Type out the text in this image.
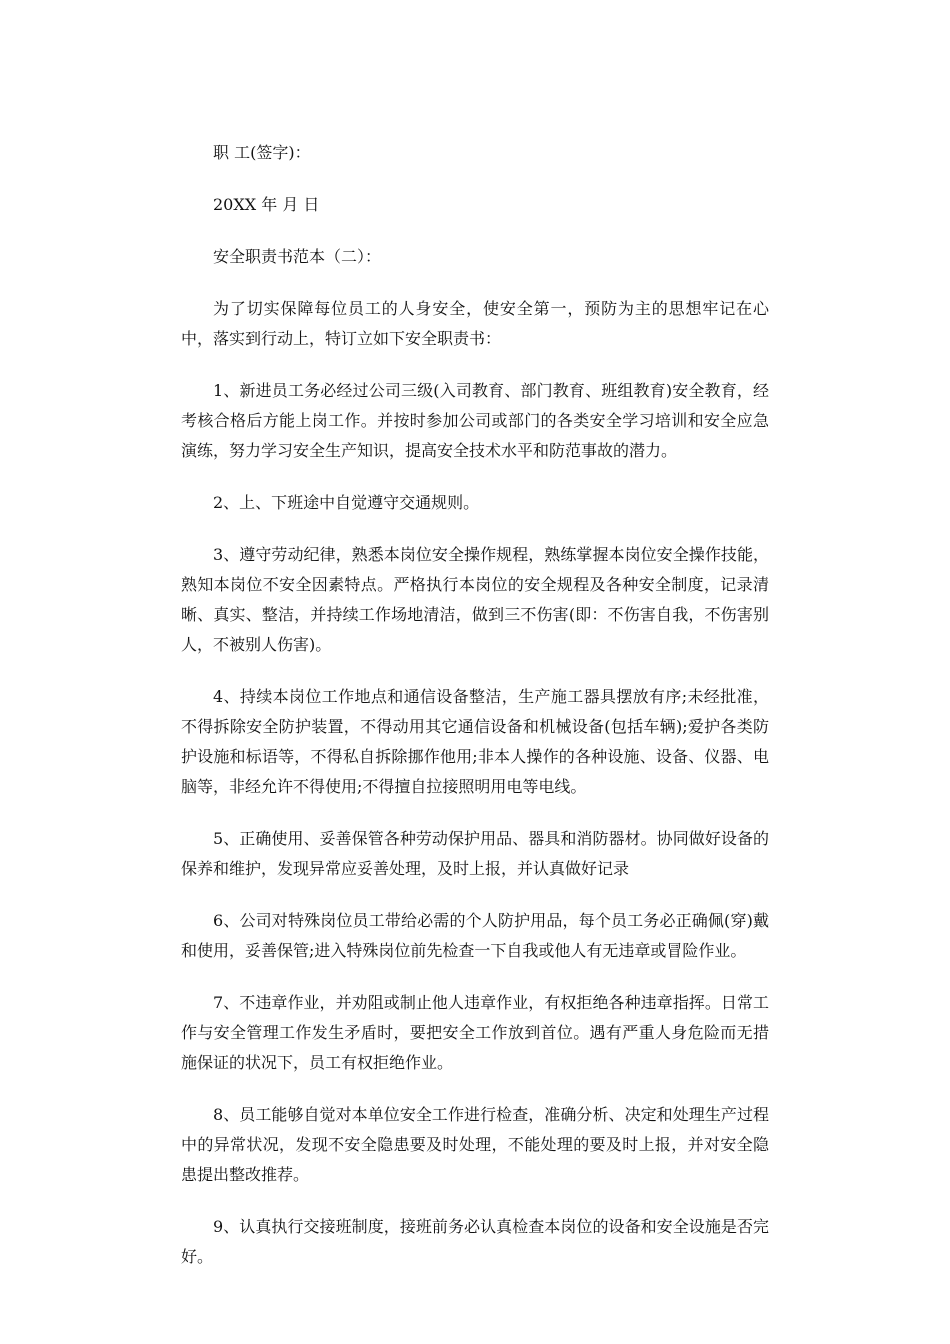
职 工(签字)：

20XX 年 月 日

安全职责书范本（二）：

为了切实保障每位员工的人身安全，使安全第一，预防为主的思想牢记在心中，落实到行动上，特订立如下安全职责书：

1、新进员工务必经过公司三级(入司教育、部门教育、班组教育)安全教育，经考核合格后方能上岗工作。并按时参加公司或部门的各类安全学习培训和安全应急演练，努力学习安全生产知识，提高安全技术水平和防范事故的潜力。

2、上、下班途中自觉遵守交通规则。

3、遵守劳动纪律，熟悉本岗位安全操作规程，熟练掌握本岗位安全操作技能，熟知本岗位不安全因素特点。严格执行本岗位的安全规程及各种安全制度，记录清晰、真实、整洁，并持续工作场地清洁，做到三不伤害(即：不伤害自我，不伤害别人，不被别人伤害)。

4、持续本岗位工作地点和通信设备整洁，生产施工器具摆放有序;未经批准，不得拆除安全防护装置，不得动用其它通信设备和机械设备(包括车辆);爱护各类防护设施和标语等，不得私自拆除挪作他用;非本人操作的各种设施、设备、仪器、电脑等，非经允许不得使用;不得擅自拉接照明用电等电线。

5、正确使用、妥善保管各种劳动保护用品、器具和消防器材。协同做好设备的保养和维护，发现异常应妥善处理，及时上报，并认真做好记录

6、公司对特殊岗位员工带给必需的个人防护用品，每个员工务必正确佩(穿)戴和使用，妥善保管;进入特殊岗位前先检查一下自我或他人有无违章或冒险作业。

7、不违章作业，并劝阻或制止他人违章作业，有权拒绝各种违章指挥。日常工作与安全管理工作发生矛盾时，要把安全工作放到首位。遇有严重人身危险而无措施保证的状况下，员工有权拒绝作业。

8、员工能够自觉对本单位安全工作进行检查，准确分析、决定和处理生产过程中的异常状况，发现不安全隐患要及时处理，不能处理的要及时上报，并对安全隐患提出整改推荐。

9、认真执行交接班制度，接班前务必认真检查本岗位的设备和安全设施是否完好。
